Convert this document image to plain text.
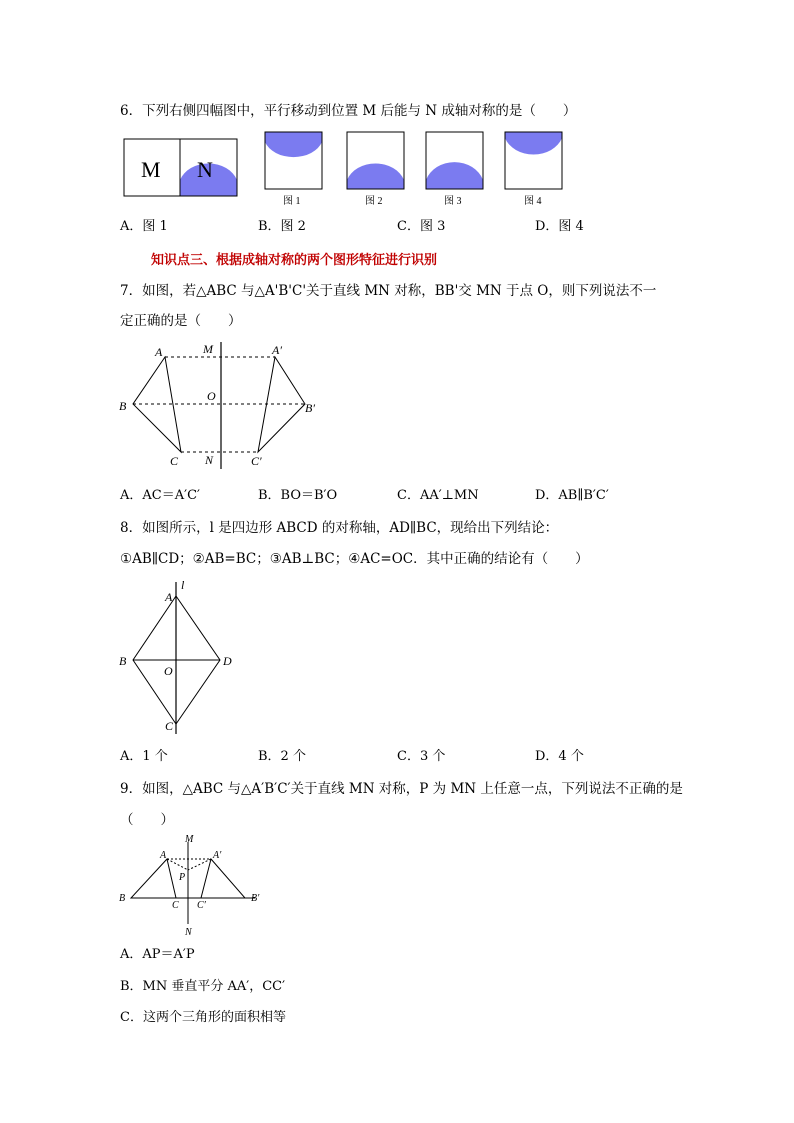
6．下列右侧四幅图中，平行移动到位置 M 后能与 N 成轴对称的是（　　）
M N
图 1	图 2	图 3	图 4
A．图 1	B．图 2	C．图 3	D．图 4
知识点三、根据成轴对称的两个图形特征进行识别
7．如图，若△ABC 与△A'B'C'关于直线 MN 对称，BB'交 MN 于点 O，则下列说法不一
定正确的是（　　）
A
B
C
A′
B′
C′
M
N
O
A．AC＝A′C′	B．BO＝B′O	C．AA′⊥MN	D．AB∥B′C′
8．如图所示，l 是四边形 ABCD 的对称轴，AD∥BC，现给出下列结论：
①AB∥CD；②AB=BC；③AB⊥BC；④AC=OC．其中正确的结论有（　　）
A
B
C
D
O
l
A．1 个	B．2 个	C．3 个	D．4 个
9．如图，△ABC 与△A′B′C′关于直线 MN 对称，P 为 MN 上任意一点，下列说法不正确的是
（　　）
M
N
A	A′
B	B′
C C′
P
A．AP＝A′P
B．MN 垂直平分 AA′，CC′
C．这两个三角形的面积相等
